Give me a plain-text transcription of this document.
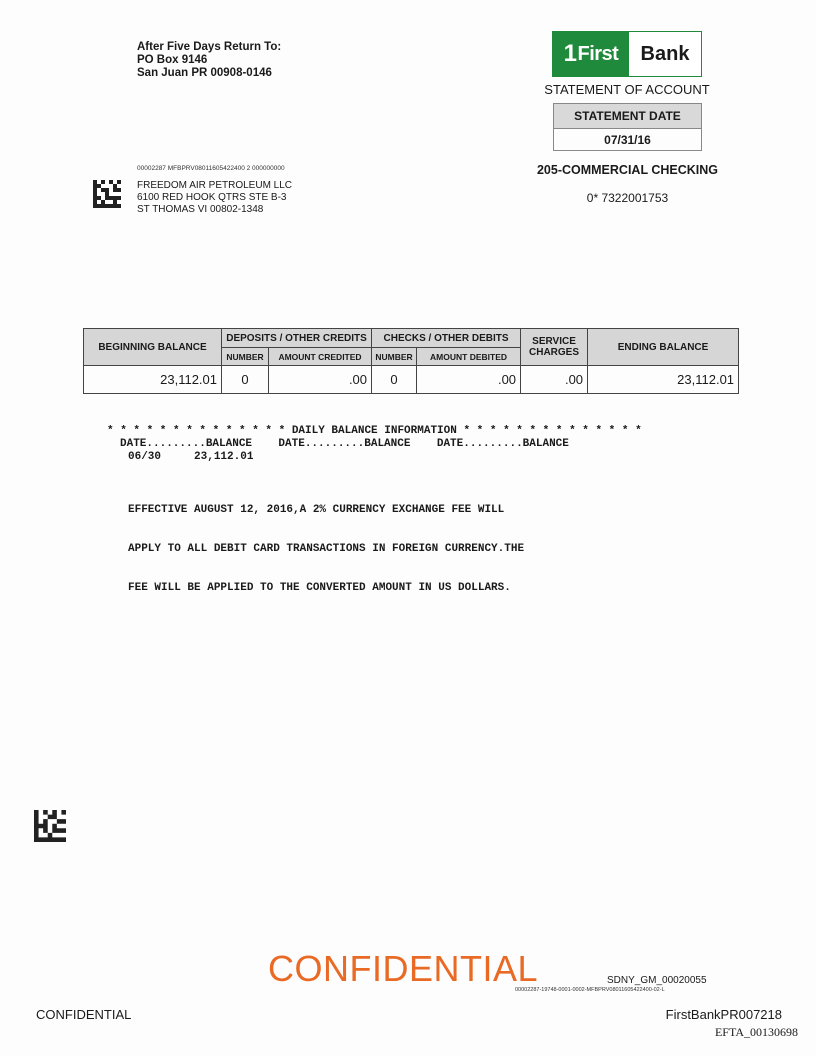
After Five Days Return To:
PO Box 9146
San Juan PR 00908-0146
1 First	Bank
STATEMENT OF ACCOUNT
STATEMENT DATE
07/31/16
205-COMMERCIAL CHECKING
0* 7322001753
00002287 MFBPRV08011605422400 2 000000000
FREEDOM AIR PETROLEUM LLC
6100 RED HOOK QTRS STE B-3
ST THOMAS VI 00802-1348
BEGINNING BALANCE	DEPOSITS / OTHER CREDITS		CHECKS / OTHER DEBITS		SERVICE CHARGES	ENDING BALANCE
	NUMBER	AMOUNT CREDITED	NUMBER	AMOUNT DEBITED		
23,112.01	0	.00	0	.00	.00	23,112.01
* * * * * * * * * * * * * * DAILY BALANCE INFORMATION * * * * * * * * * * * * * *
DATE.........BALANCE    DATE.........BALANCE    DATE.........BALANCE
06/30     23,112.01

EFFECTIVE AUGUST 12, 2016,A 2% CURRENCY EXCHANGE FEE WILL

APPLY TO ALL DEBIT CARD TRANSACTIONS IN FOREIGN CURRENCY.THE

FEE WILL BE APPLIED TO THE CONVERTED AMOUNT IN US DOLLARS.

CONFIDENTIAL	SDNY_GM_00020055
00002287-19748-0001-0002-MFBPRV08011605422400-02-L
CONFIDENTIAL	FirstBankPR007218
EFTA_00130698
